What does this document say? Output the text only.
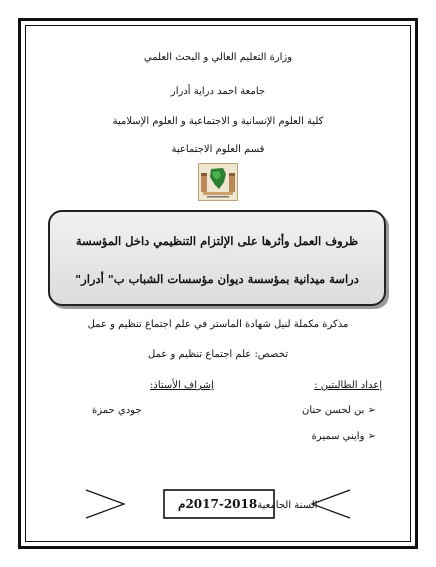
وزارة التعليم العالي و البحث العلمي
جامعة احمد دراية أدرار
كلية العلوم الإنسانية و الاجتماعية و العلوم الإسلامية
قسم العلوم الاجتماعية
ظروف العمل وأثرها على الإلتزام التنظيمي داخل المؤسسة
دراسة ميدانية بمؤسسة ديوان مؤسسات الشباب ب" أدرار"
مذكرة مكملة لنيل شهادة الماستر في علم اجتماع تنظيم و عمل
تخصص: علم اجتماع تنظيم و عمل
إعداد الطالبتين :
➢ بن لحسن حنان
➢ وايني سميرة
إشراف الأستاذ:
جودي حمزة
السنة الجامعية2018-2017م
